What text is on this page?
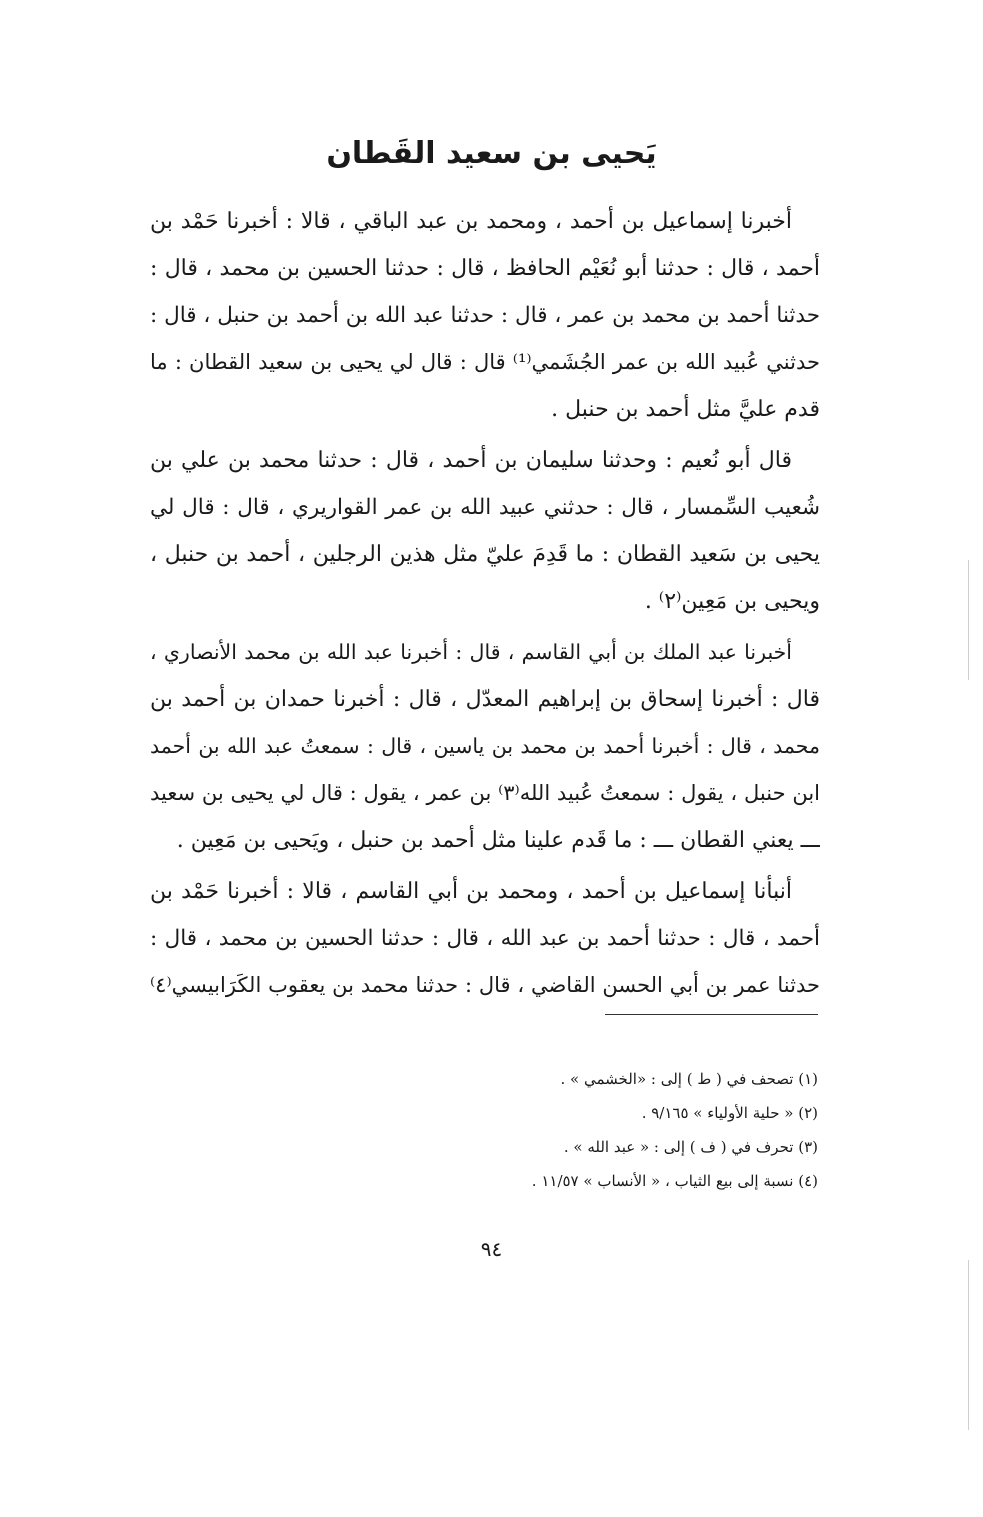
يَحيى بن سعيد القَطان
أخبرنا إسماعيل بن أحمد ، ومحمد بن عبد الباقي ، قالا : أخبرنا حَمْد بن
أحمد ، قال : حدثنا أبو نُعَيْم الحافظ ، قال : حدثنا الحسين بن محمد ، قال :
حدثنا أحمد بن محمد بن عمر ، قال : حدثنا عبد الله بن أحمد بن حنبل ، قال :
حدثني عُبيد الله بن عمر الجُشَمي⁽¹⁾ قال : قال لي يحيى بن سعيد القطان : ما
قدم عليَّ مثل أحمد بن حنبل .
قال أبو نُعيم : وحدثنا سليمان بن أحمد ، قال : حدثنا محمد بن علي بن
شُعيب السِّمسار ، قال : حدثني عبيد الله بن عمر القواريري ، قال : قال لي
يحيى بن سَعيد القطان : ما قَدِمَ عليّ مثل هذين الرجلين ، أحمد بن حنبل ،
ويحيى بن مَعِين⁽٢⁾ .
أخبرنا عبد الملك بن أبي القاسم ، قال : أخبرنا عبد الله بن محمد الأنصاري ،
قال : أخبرنا إسحاق بن إبراهيم المعدّل ، قال : أخبرنا حمدان بن أحمد بن
محمد ، قال : أخبرنا أحمد بن محمد بن ياسين ، قال : سمعتُ عبد الله بن أحمد
ابن حنبل ، يقول : سمعتُ عُبيد الله⁽٣⁾ بن عمر ، يقول : قال لي يحيى بن سعيد
ـــ يعني القطان ـــ : ما قَدم علينا مثل أحمد بن حنبل ، ويَحيى بن مَعِين .
أنبأنا إسماعيل بن أحمد ، ومحمد بن أبي القاسم ، قالا : أخبرنا حَمْد بن
أحمد ، قال : حدثنا أحمد بن عبد الله ، قال : حدثنا الحسين بن محمد ، قال :
حدثنا عمر بن أبي الحسن القاضي ، قال : حدثنا محمد بن يعقوب الكَرَابيسي⁽٤⁾
(١) تصحف في ( ط ) إلى : «الخشمي » .
(٢) « حلية الأولياء » ٩/١٦٥ .
(٣) تحرف في ( ف ) إلى : « عبد الله » .
(٤) نسبة إلى بيع الثياب ، « الأنساب » ١١/٥٧ .
٩٤
